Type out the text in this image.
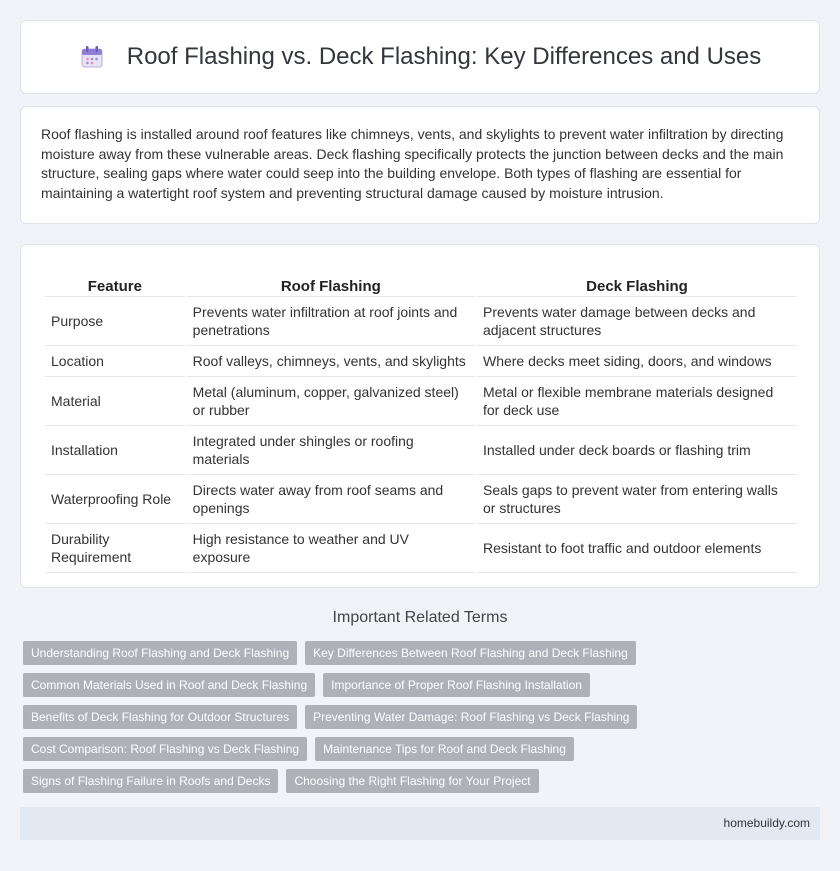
Roof Flashing vs. Deck Flashing: Key Differences and Uses

Roof flashing is installed around roof features like chimneys, vents, and skylights to prevent water infiltration by directing moisture away from these vulnerable areas. Deck flashing specifically protects the junction between decks and the main structure, sealing gaps where water could seep into the building envelope. Both types of flashing are essential for maintaining a watertight roof system and preventing structural damage caused by moisture intrusion.

Feature	Roof Flashing	Deck Flashing
Purpose	Prevents water infiltration at roof joints and penetrations	Prevents water damage between decks and adjacent structures
Location	Roof valleys, chimneys, vents, and skylights	Where decks meet siding, doors, and windows
Material	Metal (aluminum, copper, galvanized steel) or rubber	Metal or flexible membrane materials designed for deck use
Installation	Integrated under shingles or roofing materials	Installed under deck boards or flashing trim
Waterproofing Role	Directs water away from roof seams and openings	Seals gaps to prevent water from entering walls or structures
Durability Requirement	High resistance to weather and UV exposure	Resistant to foot traffic and outdoor elements
Important Related Terms
Understanding Roof Flashing and Deck Flashing	Key Differences Between Roof Flashing and Deck Flashing
Common Materials Used in Roof and Deck Flashing	Importance of Proper Roof Flashing Installation
Benefits of Deck Flashing for Outdoor Structures	Preventing Water Damage: Roof Flashing vs Deck Flashing
Cost Comparison: Roof Flashing vs Deck Flashing	Maintenance Tips for Roof and Deck Flashing
Signs of Flashing Failure in Roofs and Decks	Choosing the Right Flashing for Your Project
homebuildy.com
